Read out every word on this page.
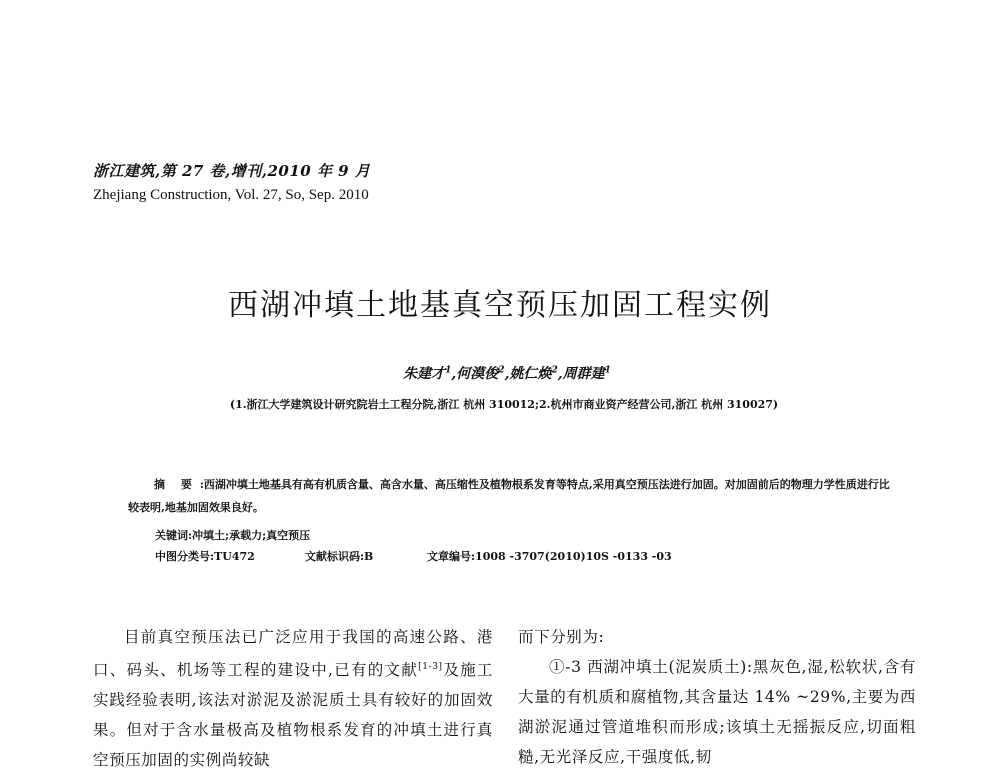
浙江建筑,第 27 卷,增刊,2010 年 9 月
Zhejiang Construction, Vol. 27, So, Sep. 2010
西湖冲填土地基真空预压加固工程实例
朱建才$^1$,何漠俊$^2$,姚仁焕$^2$,周群建$^1$
(1.浙江大学建筑设计研究院岩土工程分院,浙江 杭州 310012;2.杭州市商业资产经营公司,浙江 杭州 310027)
摘 要 :西湖冲填土地基具有高有机质含量、高含水量、高压缩性及植物根系发育等特点,采用真空预压法进行加固。对加固前后的物理力学性质进行比较表明,地基加固效果良好。
关键词:冲填土;承载力;真空预压
中图分类号:TU472	文献标识码:B	文章编号:1008 -3707(2010)10S -0133 -03

目前真空预压法已广泛应用于我国的高速公路、港口、码头、机场等工程的建设中,已有的文献[1-3]及施工实践经验表明,该法对淤泥及淤泥质土具有较好的加固效果。但对于含水量极高及植物根系发育的冲填土进行真空预压加固的实例尚较缺

而下分别为:

①-3 西湖冲填土(泥炭质土):黑灰色,湿,松软状,含有大量的有机质和腐植物,其含量达 14% ~29%,主要为西湖淤泥通过管道堆积而形成;该填土无摇振反应,切面粗糙,无光泽反应,干强度低,韧
